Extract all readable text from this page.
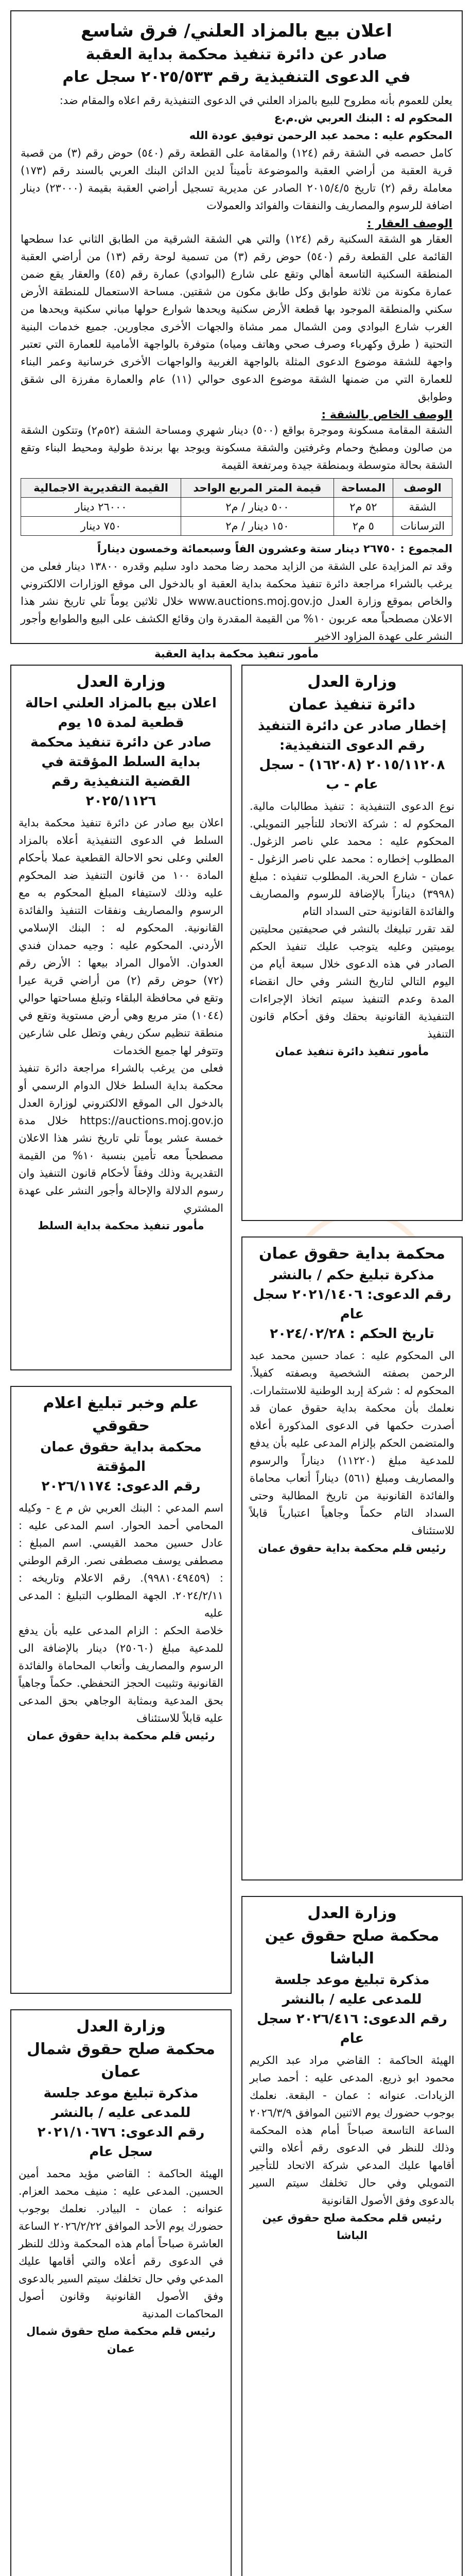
اعلان بيع بالمزاد العلني/ فرق شاسع
صادر عن دائرة تنفيذ محكمة بداية العقبة
في الدعوى التنفيذية رقم ٢٠٢٥/٥٣٣ سجل عام

يعلن للعموم بأنه مطروح للبيع بالمزاد العلني في الدعوى التنفيذية رقم اعلاه والمقام ضد:

المحكوم له : البنك العربي ش.م.ع

المحكوم عليه : محمد عبد الرحمن توفيق عودة الله

كامل حصصه في الشقة رقم (١٢٤) والمقامة على القطعة رقم (٥٤٠) حوض رقم (٣) من قصبة قرية العقبة من أراضي العقبة والموضوعة تأميناً لدين الدائن البنك العربي بالسند رقم (١٧٣) معاملة رقم (٢) تاريخ ٢٠١٥/٤/٥ الصادر عن مديرية تسجيل أراضي العقبة بقيمة (٢٣٠٠٠) دينار اضافة للرسوم والمصاريف والنفقات والفوائد والعمولات

الوصف العقار :

العقار هو الشقة السكنية رقم (١٢٤) والتي هي الشقة الشرقية من الطابق الثاني عدا سطحها القائمة على القطعة رقم (٥٤٠) حوض رقم (٣) من تسمية لوحة رقم (١٣) من أراضي العقبة المنطقة السكنية التاسعة أهالي وتقع على شارع (البوادي) عمارة رقم (٤٥) والعقار يقع ضمن عمارة مكونة من ثلاثة طوابق وكل طابق مكون من شقتين. مساحة الاستعمال للمنطقة الأرض سكني والمنطقة الموجود بها قطعة الأرض سكنية ويحدها شوارع حولها مباني سكنية ويحدها من الغرب شارع البوادي ومن الشمال ممر مشاة والجهات الأخرى مجاورين. جميع خدمات البنية التحتية ( طرق وكهرباء وصرف صحي وهاتف ومياه) متوفرة بالواجهة الأمامية للعمارة التي تعتبر واجهة للشقة موضوع الدعوى المثلة بالواجهة الغربية والواجهات الأخرى خرسانية وعمر البناء للعمارة التي من ضمنها الشقة موضوع الدعوى حوالي (١١) عام والعمارة مفرزة الى شقق وطوابق

الوصف الخاص بالشقة :

الشقة المقامة مسكونة وموجرة بواقع (٥٠٠) دينار شهري ومساحة الشقة (٥٢م٢) وتتكون الشقة من صالون ومطبخ وحمام وغرفتين والشقة مسكونة ويوجد بها برندة طولية ومحيط البناء وتقع الشقة بحالة متوسطة وبمنطقة جيدة ومرتفعة القيمة

الوصف	المساحة	قيمة المتر المربع الواحد	القيمة التقديرية الاجمالية
الشقة	٥٢ م٢	٥٠٠ دينار / م٢	٢٦٠٠٠ دينار
الترسانات	٥ م٢	١٥٠ دينار / م٢	٧٥٠ دينار

المجموع : ٢٦٧٥٠ دينار ستة وعشرون الفاً وسبعمائة وخمسون ديناراً

وقد تم المزايدة على الشقة من الزايد محمد رضا محمد داود سليم وقدره ١٣٨٠٠ دينار فعلى من يرغب بالشراء مراجعة دائرة تنفيذ محكمة بداية العقبة او بالدخول الى موقع الوزارات الالكتروني والخاص بموقع وزارة العدل www.auctions.moj.gov.jo خلال ثلاثين يوماً تلي تاريخ نشر هذا الاعلان مصطحباً معه عربون ١٠% من القيمة المقدرة وان وقائع الكشف على البيع والطوابع وأجور النشر على عهدة المزاود الاخير

مأمور تنفيذ محكمة بداية العقبة

وزارة العدل
اعلان بيع بالمزاد العلني احالة قطعية لمدة ١٥ يوم
صادر عن دائرة تنفيذ محكمة بداية السلط المؤقتة في القضية التنفيذية رقم ٢٠٢٥/١١٢٦

اعلان بيع صادر عن دائرة تنفيذ محكمة بداية السلط في الدعوى التنفيذية أعلاه بالمزاد العلني وعلى نحو الاحالة القطعية عملا بأحكام المادة ١٠٠ من قانون التنفيذ ضد المحكوم عليه وذلك لاستيفاء المبلغ المحكوم به مع الرسوم والمصاريف ونفقات التنفيذ والفائدة القانونية. المحكوم له : البنك الإسلامي الأردني. المحكوم عليه : وجيه حمدان فندي العدوان. الأموال المراد بيعها : الأرض رقم (٧٢) حوض رقم (٢) من أراضي قرية عيرا وتقع في محافظة البلقاء وتبلغ مساحتها حوالي (١٠٤٤) متر مربع وهي أرض مستوية وتقع في منطقة تنظيم سكن ريفي وتطل على شارعين وتتوفر لها جميع الخدمات

فعلى من يرغب بالشراء مراجعة دائرة تنفيذ محكمة بداية السلط خلال الدوام الرسمي أو بالدخول الى الموقع الالكتروني لوزارة العدل https://auctions.moj.gov.jo خلال مدة خمسة عشر يوماً تلي تاريخ نشر هذا الاعلان مصطحباً معه تأمين بنسبة ١٠% من القيمة التقديرية وذلك وفقاً لأحكام قانون التنفيذ وان رسوم الدلالة والإحالة وأجور النشر على عهدة المشتري

مأمور تنفيذ محكمة بداية السلط

وزارة العدل
دائرة تنفيذ عمان
إخطار صادر عن دائرة التنفيذ
رقم الدعوى التنفيذية: ٢٠١٥/١١٢٠٨ (١٦٢٠٨) - سجل عام - ب

نوع الدعوى التنفيذية : تنفيذ مطالبات مالية. المحكوم له : شركة الاتحاد للتأجير التمويلي. المحكوم عليه : محمد علي ناصر الزغول. المطلوب إخطاره : محمد علي ناصر الزغول - عمان - شارع الحرية. المطلوب تنفيذه : مبلغ (٣٩٩٨) ديناراً بالإضافة للرسوم والمصاريف والفائدة القانونية حتى السداد التام

لقد تقرر تبليغك بالنشر في صحيفتين محليتين يوميتين وعليه يتوجب عليك تنفيذ الحكم الصادر في هذه الدعوى خلال سبعة أيام من اليوم التالي لتاريخ النشر وفي حال انقضاء المدة وعدم التنفيذ سيتم اتخاذ الإجراءات التنفيذية القانونية بحقك وفق أحكام قانون التنفيذ

مأمور تنفيذ دائرة تنفيذ عمان

محكمة بداية حقوق عمان
مذكرة تبليغ حكم / بالنشر
رقم الدعوى: ٢٠٢١/١٤٠٦ سجل عام
تاريخ الحكم : ٢٠٢٤/٠٢/٢٨

الى المحكوم عليه : عماد حسين محمد عبد الرحمن بصفته الشخصية وبصفته كفيلاً. المحكوم له : شركة إربد الوطنية للاستثمارات. نعلمك بأن محكمة بداية حقوق عمان قد أصدرت حكمها في الدعوى المذكورة أعلاه والمتضمن الحكم بإلزام المدعى عليه بأن يدفع للمدعية مبلغ (١١٢٢٠) ديناراً والرسوم والمصاريف ومبلغ (٥٦١) ديناراً أتعاب محاماة والفائدة القانونية من تاريخ المطالبة وحتى السداد التام حكماً وجاهياً اعتبارياً قابلاً للاستئناف

رئيس قلم محكمة بداية حقوق عمان

علم وخبر تبليغ اعلام حقوقي
محكمة بداية حقوق عمان المؤقتة
رقم الدعوى: ٢٠٢٦/١١٧٤

اسم المدعي : البنك العربي ش م ع - وكيله المحامي أحمد الحوار. اسم المدعى عليه : عادل حسين محمد القيسي. اسم المبلغ : مصطفى يوسف مصطفى نصر. الرقم الوطني : (٩٩٨١٠٤٩٤٥٩). رقم الاعلام وتاريخه : ٢٠٢٤/٢/١١. الجهة المطلوب التبليغ : المدعى عليه

خلاصة الحكم : الزام المدعى عليه بأن يدفع للمدعية مبلغ (٢٥٠٦٠) دينار بالإضافة الى الرسوم والمصاريف وأتعاب المحاماة والفائدة القانونية وتثبيت الحجز التحفظي. حكماً وجاهياً بحق المدعية وبمثابة الوجاهي بحق المدعى عليه قابلاً للاستئناف

رئيس قلم محكمة بداية حقوق عمان

وزارة العدل
محكمة صلح حقوق عين الباشا
مذكرة تبليغ موعد جلسة للمدعى عليه / بالنشر
رقم الدعوى: ٢٠٢٦/٤١٦ سجل عام

الهيئة الحاكمة : القاضي مراد عبد الكريم محمود ابو ذريع. المدعى عليه : أحمد صابر الزيادات. عنوانه : عمان - البقعة. نعلمك بوجوب حضورك يوم الاثنين الموافق ٢٠٢٦/٣/٩ الساعة التاسعة صباحاً أمام هذه المحكمة وذلك للنظر في الدعوى رقم أعلاه والتي أقامها عليك المدعي شركة الاتحاد للتأجير التمويلي وفي حال تخلفك سيتم السير بالدعوى وفق الأصول القانونية

رئيس قلم محكمة صلح حقوق عين الباشا

وزارة العدل
محكمة صلح حقوق شمال عمان
مذكرة تبليغ موعد جلسة للمدعى عليه / بالنشر
رقم الدعوى: ٢٠٢١/١٠٦٧٦ سجل عام

الهيئة الحاكمة : القاضي مؤيد محمد أمين الحسين. المدعى عليه : منيف محمد العزام. عنوانه : عمان - البيادر. نعلمك بوجوب حضورك يوم الأحد الموافق ٢٠٢٦/٢/٢٢ الساعة العاشرة صباحاً أمام هذه المحكمة وذلك للنظر في الدعوى رقم أعلاه والتي أقامها عليك المدعي وفي حال تخلفك سيتم السير بالدعوى وفق الأصول القانونية وقانون أصول المحاكمات المدنية

رئيس قلم محكمة صلح حقوق شمال عمان
